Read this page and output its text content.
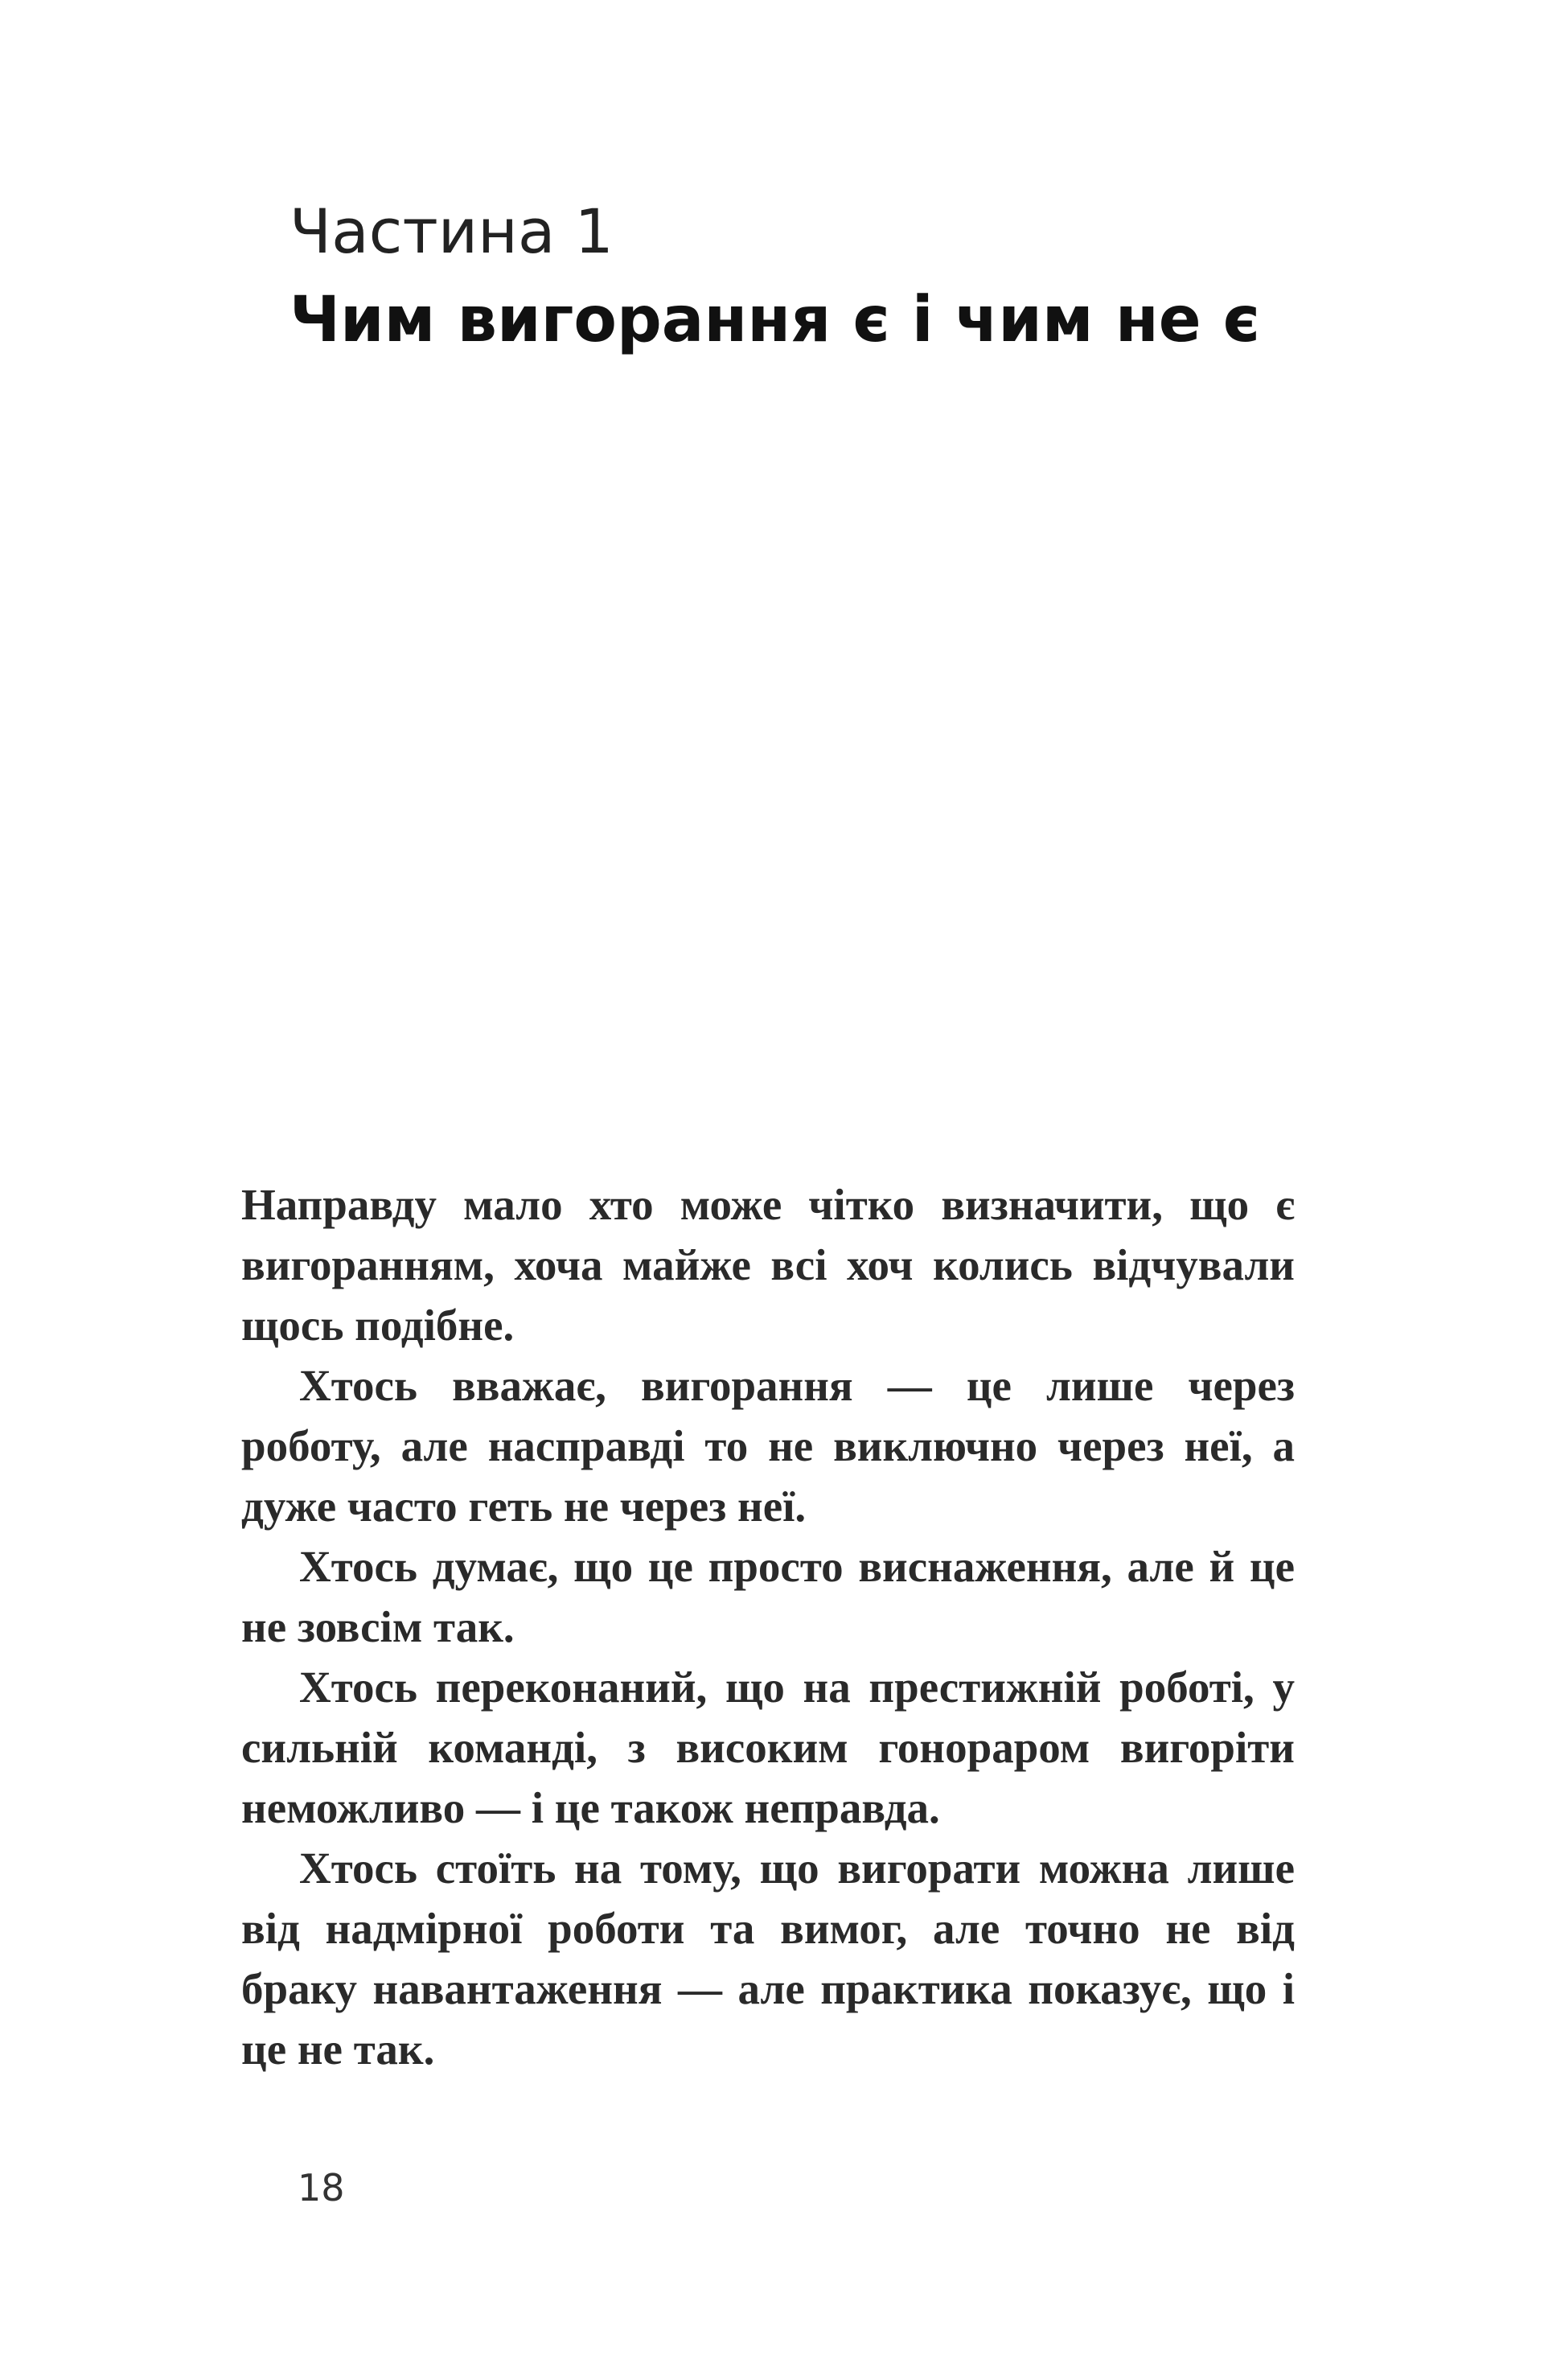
Частина 1
Чим вигорання є і чим не є

Направду мало хто може чітко визначити, що є вигоранням, хоча майже всі хоч колись відчували щось подібне.

Хтось вважає, вигорання — це лише через роботу, але насправді то не виключно через неї, а дуже часто геть не через неї.

Хтось думає, що це просто виснаження, але й це не зовсім так.

Хтось переконаний, що на престижній роботі, у сильній команді, з високим гонораром вигоріти неможливо — і це також неправда.

Хтось стоїть на тому, що вигорати можна лише від надмірної роботи та вимог, але точно не від браку навантаження — але практика показує, що і це не так.

18
